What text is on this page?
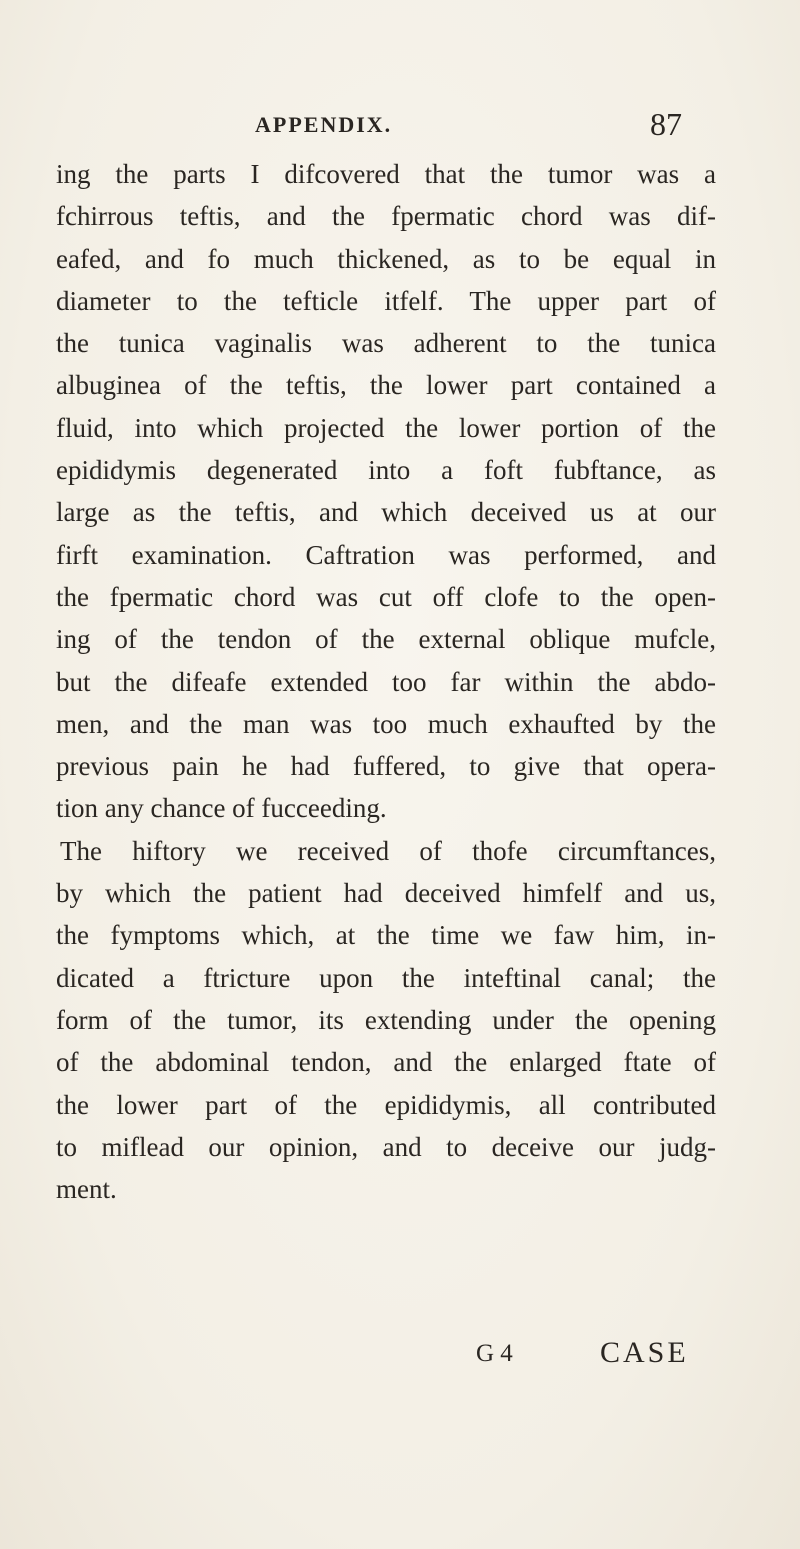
APPENDIX.	87
ing the parts I difcovered that the tumor was a
fchirrous teftis, and the fpermatic chord was dif-
eafed, and fo much thickened, as to be equal in
diameter to the tefticle itfelf. The upper part of
the tunica vaginalis was adherent to the tunica
albuginea of the teftis, the lower part contained a
fluid, into which projected the lower portion of the
epididymis degenerated into a foft fubftance, as
large as the teftis, and which deceived us at our
firft examination. Caftration was performed, and
the fpermatic chord was cut off clofe to the open-
ing of the tendon of the external oblique mufcle,
but the difeafe extended too far within the abdo-
men, and the man was too much exhaufted by the
previous pain he had fuffered, to give that opera-
tion any chance of fucceeding.
The hiftory we received of thofe circumftances,
by which the patient had deceived himfelf and us,
the fymptoms which, at the time we faw him, in-
dicated a ftricture upon the inteftinal canal; the
form of the tumor, its extending under the opening
of the abdominal tendon, and the enlarged ftate of
the lower part of the epididymis, all contributed
to miflead our opinion, and to deceive our judg-
ment.
G 4	CASE
